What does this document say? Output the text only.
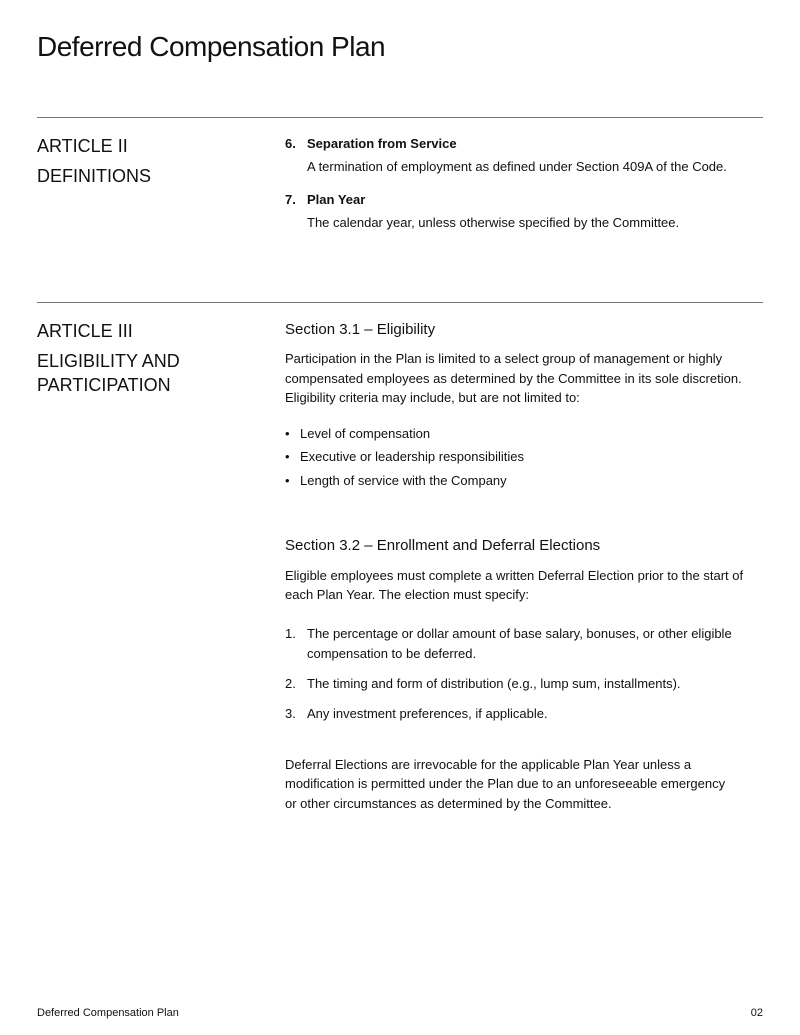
Deferred Compensation Plan
ARTICLE II
DEFINITIONS
6. Separation from Service
A termination of employment as defined under Section 409A of the Code.
7. Plan Year
The calendar year, unless otherwise specified by the Committee.
ARTICLE III
ELIGIBILITY AND
PARTICIPATION
Section 3.1 – Eligibility
Participation in the Plan is limited to a select group of management or highly
compensated employees as determined by the Committee in its sole discretion.
Eligibility criteria may include, but are not limited to:
• Level of compensation
• Executive or leadership responsibilities
• Length of service with the Company
Section 3.2 – Enrollment and Deferral Elections
Eligible employees must complete a written Deferral Election prior to the start of
each Plan Year. The election must specify:
1. The percentage or dollar amount of base salary, bonuses, or other eligible
compensation to be deferred.
2. The timing and form of distribution (e.g., lump sum, installments).
3. Any investment preferences, if applicable.
Deferral Elections are irrevocable for the applicable Plan Year unless a
modification is permitted under the Plan due to an unforeseeable emergency
or other circumstances as determined by the Committee.
Deferred Compensation Plan	02
